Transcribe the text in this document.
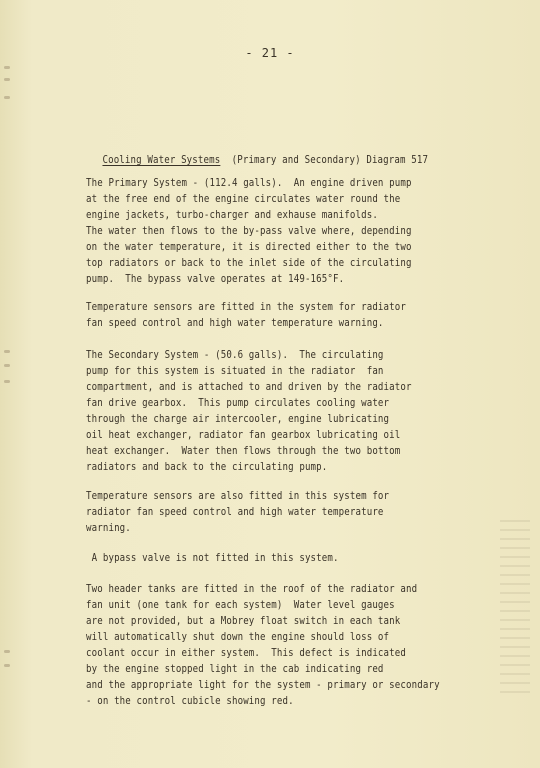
- 21 -

Cooling Water Systems  (Primary and Secondary) Diagram 517

The Primary System - (112.4 galls).  An engine driven pump
at the free end of the engine circulates water round the
engine jackets, turbo-charger and exhause manifolds.
The water then flows to the by-pass valve where, depending
on the water temperature, it is directed either to the two
top radiators or back to the inlet side of the circulating
pump.  The bypass valve operates at 149-165°F.
Temperature sensors are fitted in the system for radiator
fan speed control and high water temperature warning.
The Secondary System - (50.6 galls).  The circulating
pump for this system is situated in the radiator  fan
compartment, and is attached to and driven by the radiator
fan drive gearbox.  This pump circulates cooling water
through the charge air intercooler, engine lubricating
oil heat exchanger, radiator fan gearbox lubricating oil
heat exchanger.  Water then flows through the two bottom
radiators and back to the circulating pump.
Temperature sensors are also fitted in this system for
radiator fan speed control and high water temperature
warning.
A bypass valve is not fitted in this system.
Two header tanks are fitted in the roof of the radiator and
fan unit (one tank for each system)  Water level gauges
are not provided, but a Mobrey float switch in each tank
will automatically shut down the engine should loss of
coolant occur in either system.  This defect is indicated
by the engine stopped light in the cab indicating red
and the appropriate light for the system - primary or secondary
- on the control cubicle showing red.
